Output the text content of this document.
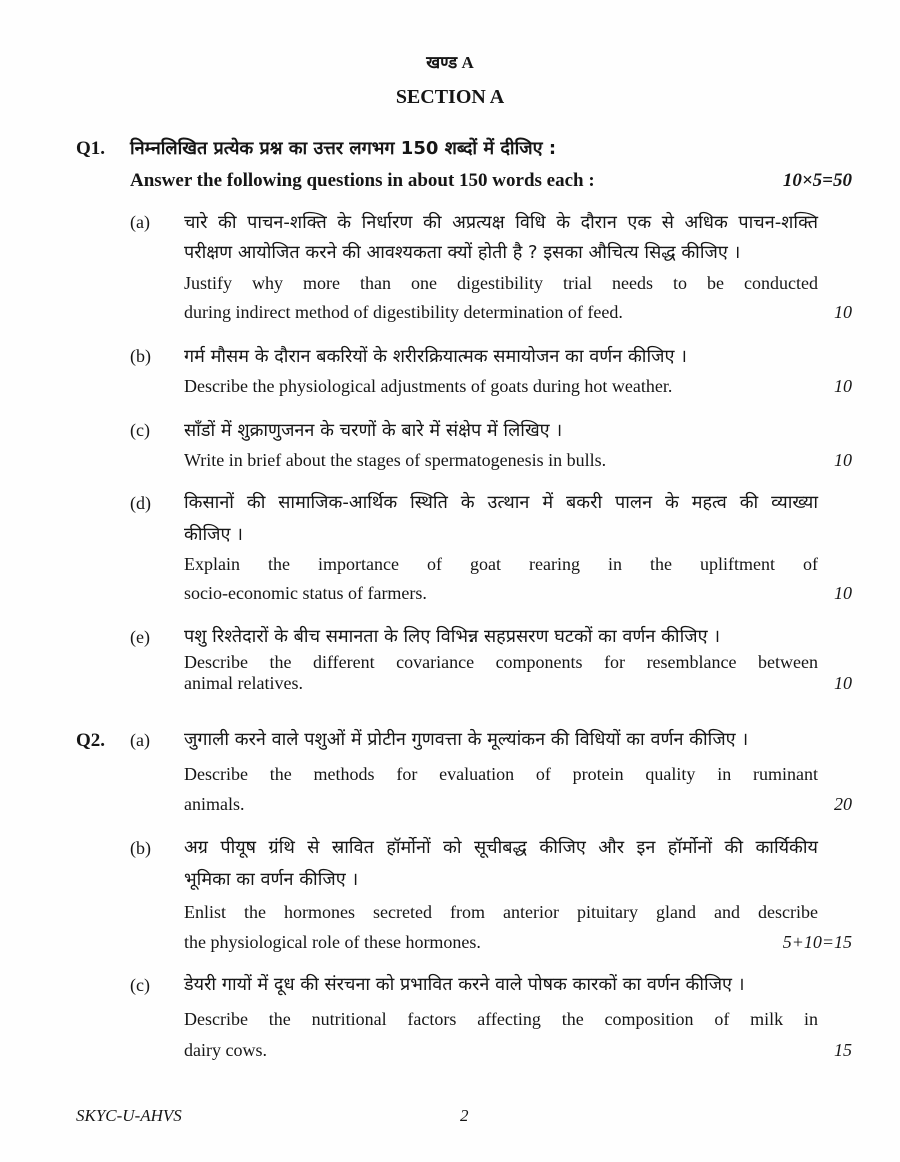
खण्ड A
SECTION A
Q1. निम्नलिखित प्रत्येक प्रश्न का उत्तर लगभग 150 शब्दों में दीजिए :
Answer the following questions in about 150 words each :	10×5=50
(a) चारे की पाचन-शक्ति के निर्धारण की अप्रत्यक्ष विधि के दौरान एक से अधिक पाचन-शक्ति
परीक्षण आयोजित करने की आवश्यकता क्यों होती है ? इसका औचित्य सिद्ध कीजिए ।
Justify why more than one digestibility trial needs to be conducted
during indirect method of digestibility determination of feed.	10
(b) गर्म मौसम के दौरान बकरियों के शरीरक्रियात्मक समायोजन का वर्णन कीजिए ।
Describe the physiological adjustments of goats during hot weather.	10
(c) साँडों में शुक्राणुजनन के चरणों के बारे में संक्षेप में लिखिए ।
Write in brief about the stages of spermatogenesis in bulls.	10
(d) किसानों की सामाजिक-आर्थिक स्थिति के उत्थान में बकरी पालन के महत्व की व्याख्या
कीजिए ।
Explain the importance of goat rearing in the upliftment of
socio-economic status of farmers.	10
(e) पशु रिश्तेदारों के बीच समानता के लिए विभिन्न सहप्रसरण घटकों का वर्णन कीजिए ।
Describe the different covariance components for resemblance between
animal relatives.	10
Q2. (a) जुगाली करने वाले पशुओं में प्रोटीन गुणवत्ता के मूल्यांकन की विधियों का वर्णन कीजिए ।
Describe the methods for evaluation of protein quality in ruminant
animals.	20
(b) अग्र पीयूष ग्रंथि से स्रावित हॉर्मोनों को सूचीबद्ध कीजिए और इन हॉर्मोनों की कार्यिकीय
भूमिका का वर्णन कीजिए ।
Enlist the hormones secreted from anterior pituitary gland and describe
the physiological role of these hormones.	5+10=15
(c) डेयरी गायों में दूध की संरचना को प्रभावित करने वाले पोषक कारकों का वर्णन कीजिए ।
Describe the nutritional factors affecting the composition of milk in
dairy cows.	15
SKYC-U-AHVS	2
